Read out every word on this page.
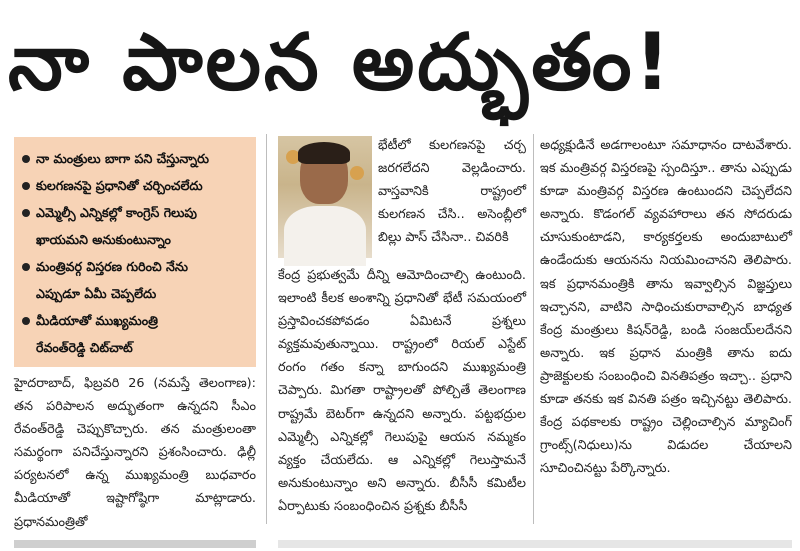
నా పాలన అద్భుతం!
నా మంత్రులు బాగా పని చేస్తున్నారు
కులగణనపై ప్రధానితో చర్చించలేదు
ఎమ్మెల్సీ ఎన్నికల్లో కాంగ్రెస్ గెలుపు
ఖాయమని అనుకుంటున్నాం
మంత్రివర్గ విస్తరణ గురించి నేను
ఎప్పుడూ ఏమీ చెప్పలేదు
మీడియాతో ముఖ్యమంత్రి
రేవంత్‌రెడ్డి చిట్‌చాట్
హైదరాబాద్, ఫిబ్రవరి 26 (నమస్తే తెలంగాణ): తన పరిపాలన అద్భుతంగా ఉన్నదని సీఎం రేవంత్‌రెడ్డి చెప్పుకొచ్చారు. తన మంత్రులంతా సమర్థంగా పనిచేస్తున్నారని ప్రశంసించారు. ఢిల్లీ పర్యటనలో ఉన్న ముఖ్యమంత్రి బుధవారం మీడియాతో ఇష్టాగోష్ఠిగా మాట్లాడారు. ప్రధానమంత్రితో
భేటీలో కులగణనపై చర్చ జరగలేదని వెల్లడించారు. వాస్తవానికి రాష్ట్రంలో కులగణన చేసి.. అసెంబ్లీలో బిల్లు పాస్ చేసినా.. చివరికి
కేంద్ర ప్రభుత్వమే దీన్ని ఆమోదించాల్సి ఉంటుంది. ఇలాంటి కీలక అంశాన్ని ప్రధానితో భేటీ సమయంలో ప్రస్తావించకపోవడం ఏమిటనే ప్రశ్నలు వ్యక్తమవుతున్నాయి. రాష్ట్రంలో రియల్ ఎస్టేట్ రంగం గతం కన్నా బాగుందని ముఖ్యమంత్రి చెప్పారు. మిగతా రాష్ట్రాలతో పోల్చితే తెలంగాణ రాష్ట్రమే బెటర్‌గా ఉన్నదని అన్నారు. పట్టభద్రుల ఎమ్మెల్సీ ఎన్నికల్లో గెలుపుపై ఆయన నమ్మకం వ్యక్తం చేయలేదు. ఆ ఎన్నికల్లో గెలుస్తామనే అనుకుంటున్నాం అని అన్నారు. బీసీసీ కమిటీల ఏర్పాటుకు సంబంధించిన ప్రశ్నకు బీసీసీ
అధ్యక్షుడినే అడగాలంటూ సమాధానం దాటవేశారు. ఇక మంత్రివర్గ విస్తరణపై స్పందిస్తూ.. తాను ఎప్పుడు కూడా మంత్రివర్గ విస్తరణ ఉంటుందని చెప్పలేదని అన్నారు. కొడంగల్ వ్యవహారాలు తన సోదరుడు చూసుకుంటాడని, కార్యకర్తలకు అందుబాటులో ఉండేందుకు ఆయనను నియమించానని తెలిపారు. ఇక ప్రధానమంత్రికి తాను ఇవ్వాల్సిన విజ్ఞప్తులు ఇచ్చానని, వాటిని సాధించుకురావాల్సిన బాధ్యత కేంద్ర మంత్రులు కిషన్‌రెడ్డి, బండి సంజయ్‌లదేనని అన్నారు. ఇక ప్రధాన మంత్రికి తాను ఐదు ప్రాజెక్టులకు సంబంధించి వినతిపత్రం ఇచ్చా.. ప్రధాని కూడా తనకు ఇక వినతి పత్రం ఇచ్చినట్టు తెలిపారు. కేంద్ర పథకాలకు రాష్ట్రం చెల్లించాల్సిన మ్యాచింగ్ గ్రాంట్స్(నిధులు)ను విడుదల చేయాలని సూచించినట్టు పేర్కొన్నారు.
